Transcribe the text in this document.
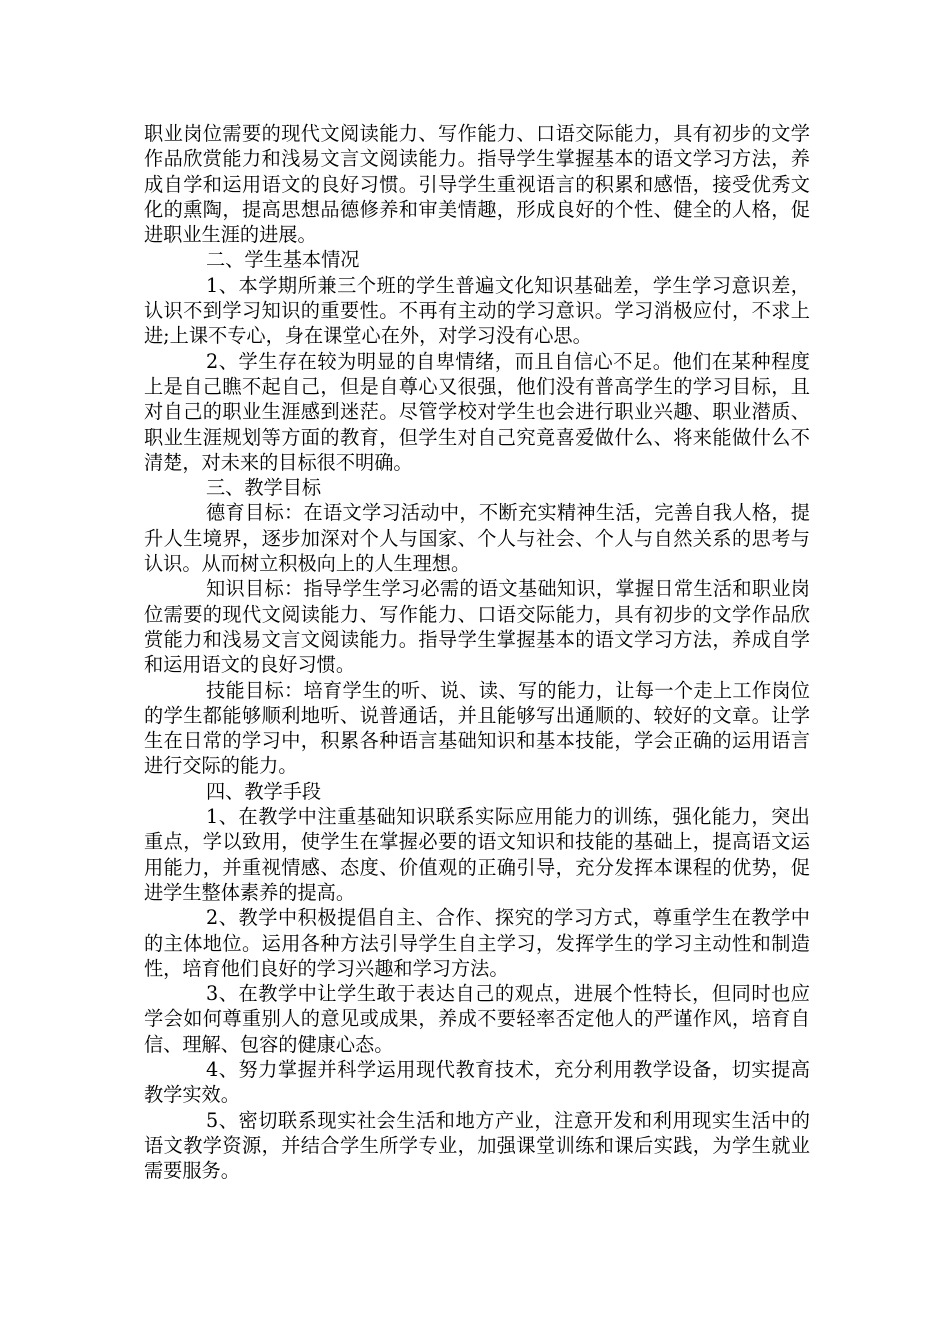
职业岗位需要的现代文阅读能力、写作能力、口语交际能力，具有初步的文学作品欣赏能力和浅易文言文阅读能力。指导学生掌握基本的语文学习方法，养成自学和运用语文的良好习惯。引导学生重视语言的积累和感悟，接受优秀文化的熏陶，提高思想品德修养和审美情趣，形成良好的个性、健全的人格，促进职业生涯的进展。

二、学生基本情况

1、本学期所兼三个班的学生普遍文化知识基础差，学生学习意识差，认识不到学习知识的重要性。不再有主动的学习意识。学习消极应付，不求上进;上课不专心，身在课堂心在外，对学习没有心思。

2、学生存在较为明显的自卑情绪，而且自信心不足。他们在某种程度上是自己瞧不起自己，但是自尊心又很强，他们没有普高学生的学习目标，且对自己的职业生涯感到迷茫。尽管学校对学生也会进行职业兴趣、职业潜质、职业生涯规划等方面的教育，但学生对自己究竟喜爱做什么、将来能做什么不清楚，对未来的目标很不明确。

三、教学目标

德育目标：在语文学习活动中，不断充实精神生活，完善自我人格，提升人生境界，逐步加深对个人与国家、个人与社会、个人与自然关系的思考与认识。从而树立积极向上的人生理想。

知识目标：指导学生学习必需的语文基础知识，掌握日常生活和职业岗位需要的现代文阅读能力、写作能力、口语交际能力，具有初步的文学作品欣赏能力和浅易文言文阅读能力。指导学生掌握基本的语文学习方法，养成自学和运用语文的良好习惯。

技能目标：培育学生的听、说、读、写的能力，让每一个走上工作岗位的学生都能够顺利地听、说普通话，并且能够写出通顺的、较好的文章。让学生在日常的学习中，积累各种语言基础知识和基本技能，学会正确的运用语言进行交际的能力。

四、教学手段

1、在教学中注重基础知识联系实际应用能力的训练，强化能力，突出重点，学以致用，使学生在掌握必要的语文知识和技能的基础上，提高语文运用能力，并重视情感、态度、价值观的正确引导，充分发挥本课程的优势，促进学生整体素养的提高。

2、教学中积极提倡自主、合作、探究的学习方式，尊重学生在教学中的主体地位。运用各种方法引导学生自主学习，发挥学生的学习主动性和制造性，培育他们良好的学习兴趣和学习方法。

3、在教学中让学生敢于表达自己的观点，进展个性特长，但同时也应学会如何尊重别人的意见或成果，养成不要轻率否定他人的严谨作风，培育自信、理解、包容的健康心态。

4、努力掌握并科学运用现代教育技术，充分利用教学设备，切实提高教学实效。

5、密切联系现实社会生活和地方产业，注意开发和利用现实生活中的语文教学资源，并结合学生所学专业，加强课堂训练和课后实践，为学生就业需要服务。
